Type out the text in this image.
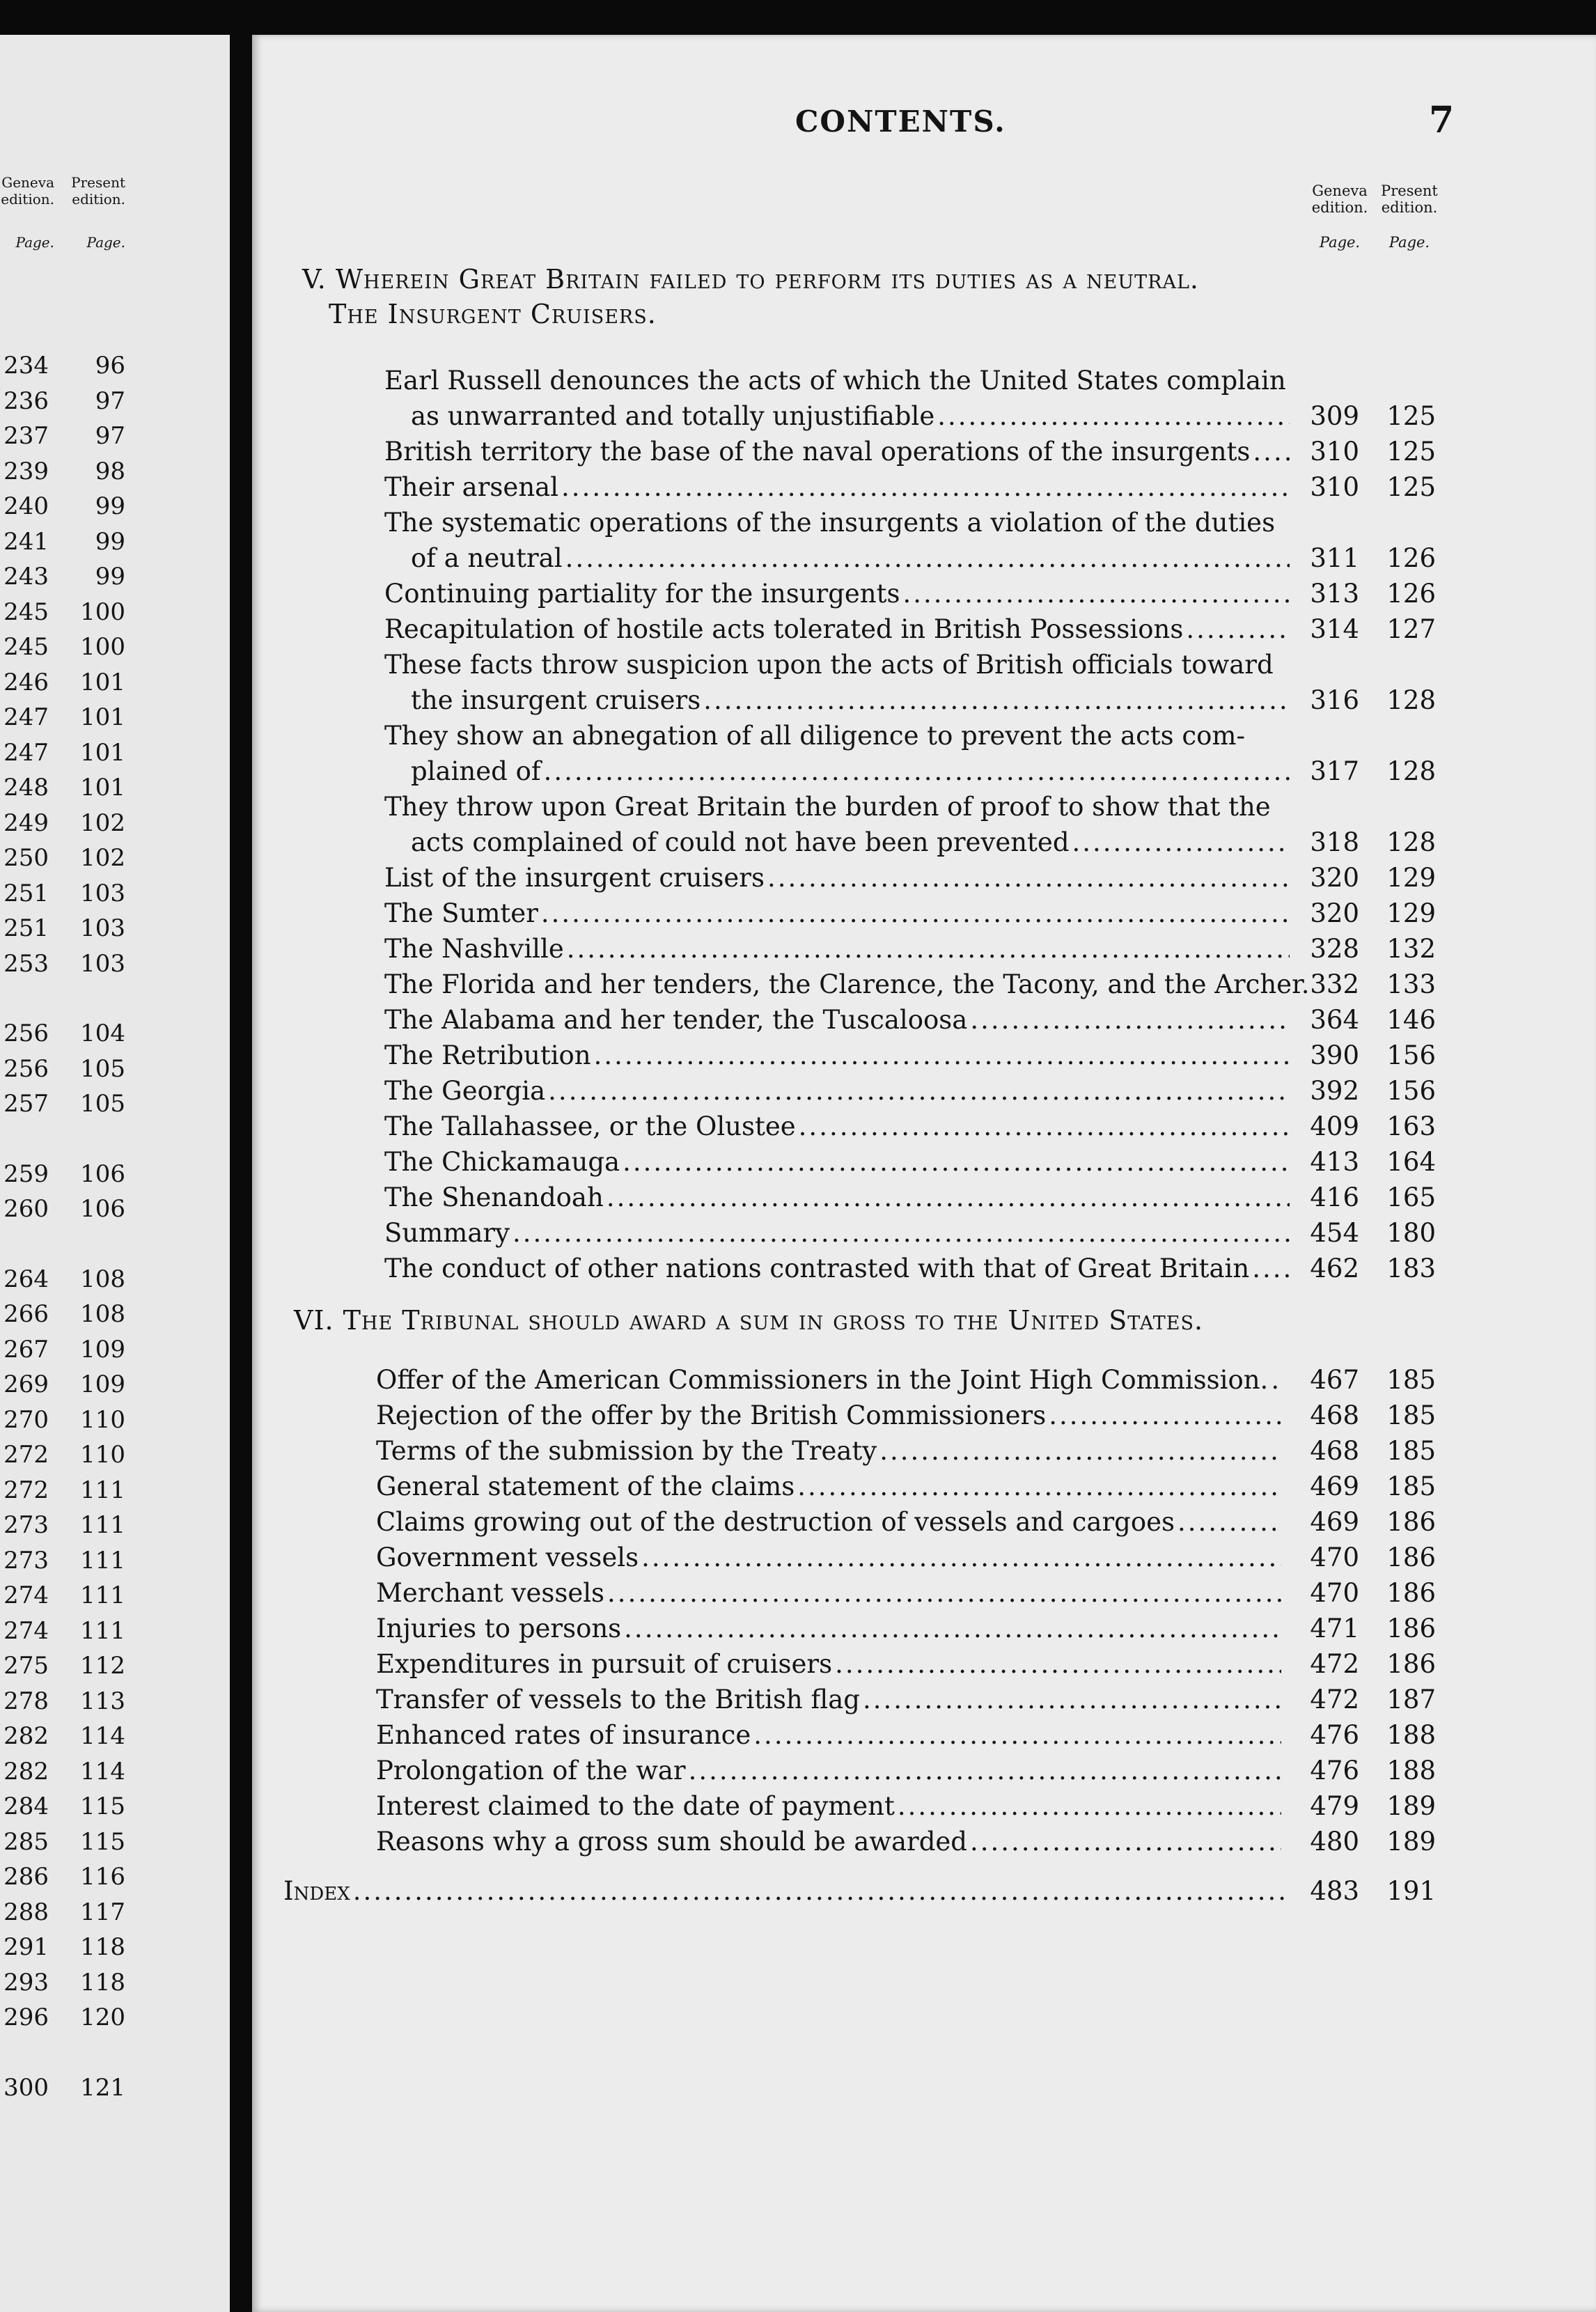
Geneva
edition.
Page.
Present
edition.
Page.
234	96
236	97
237	97
239	98
240	99
241	99
243	99
245	100
245	100
246	101
247	101
247	101
248	101
249	102
250	102
251	103
251	103
253	103
256	104
256	105
257	105
259	106
260	106
264	108
266	108
267	109
269	109
270	110
272	110
272	111
273	111
273	111
274	111
274	111
275	112
278	113
282	114
282	114
284	115
285	115
286	116
288	117
291	118
293	118
296	120
300	121
CONTENTS.	7
Geneva
edition.
Page.
Present
edition.
Page.
V. Wherein Great Britain failed to perform its duties as a neutral.
The Insurgent Cruisers.
Earl Russell denounces the acts of which the United States complain
as unwarranted and totally unjustifiable .....	309	125
British territory the base of the naval operations of the insurgents .....	310	125
Their arsenal .....	310	125
The systematic operations of the insurgents a violation of the duties
of a neutral .....	311	126
Continuing partiality for the insurgents .....	313	126
Recapitulation of hostile acts tolerated in British Possessions .....	314	127
These facts throw suspicion upon the acts of British officials toward
the insurgent cruisers .....	316	128
They show an abnegation of all diligence to prevent the acts com-
plained of .....	317	128
They throw upon Great Britain the burden of proof to show that the
acts complained of could not have been prevented .....	318	128
List of the insurgent cruisers .....	320	129
The Sumter .....	320	129
The Nashville .....	328	132
The Florida and her tenders, the Clarence, the Tacony, and the Archer. ..... 332	133
The Alabama and her tender, the Tuscaloosa .....	364	146
The Retribution .....	390	156
The Georgia .....	392	156
The Tallahassee, or the Olustee .....	409	163
The Chickamauga .....	413	164
The Shenandoah .....	416	165
Summary .....	454	180
The conduct of other nations contrasted with that of Great Britain .....	462	183
VI. The Tribunal should award a sum in gross to the United States.
Offer of the American Commissioners in the Joint High Commission. .....	467	185
Rejection of the offer by the British Commissioners .....	468	185
Terms of the submission by the Treaty .....	468	185
General statement of the claims .....	469	185
Claims growing out of the destruction of vessels and cargoes .....	469	186
Government vessels .....	470	186
Merchant vessels .....	470	186
Injuries to persons .....	471	186
Expenditures in pursuit of cruisers .....	472	186
Transfer of vessels to the British flag .....	472	187
Enhanced rates of insurance .....	476	188
Prolongation of the war .....	476	188
Interest claimed to the date of payment .....	479	189
Reasons why a gross sum should be awarded .....	480	189
Index .....	483	191
